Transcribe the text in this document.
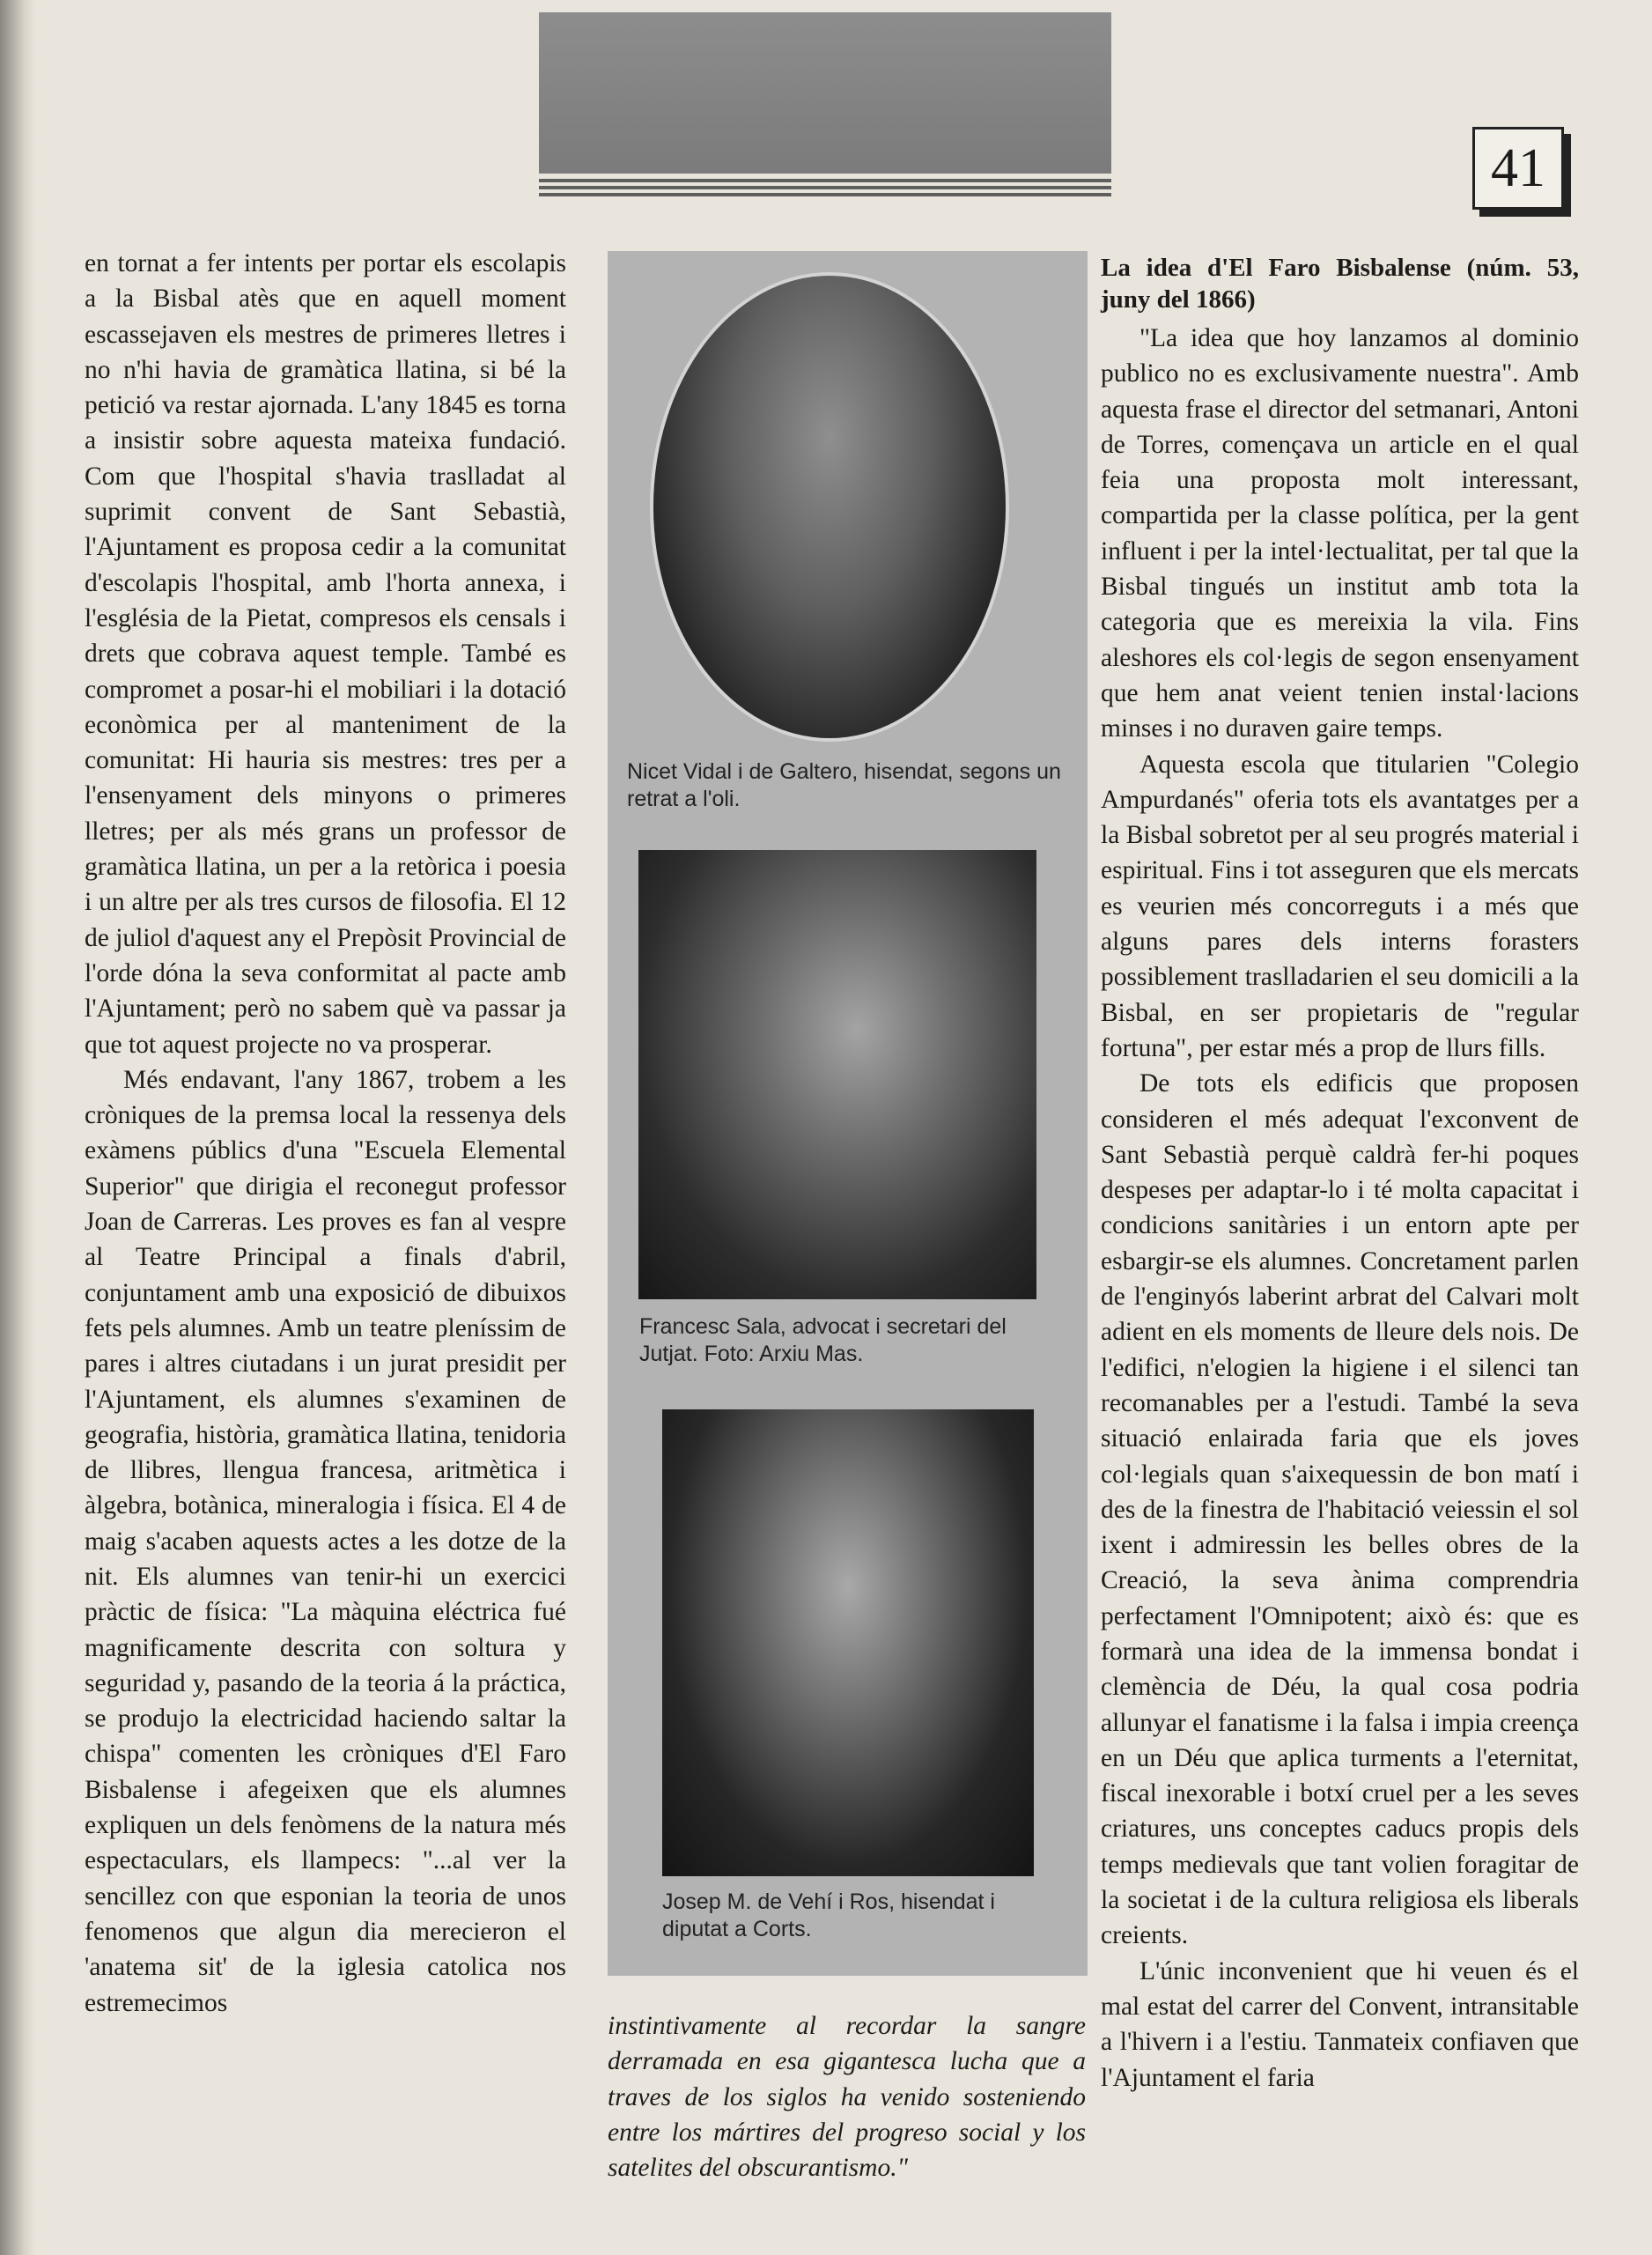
41

en tornat a fer intents per portar els escolapis a la Bisbal atès que en aquell moment escassejaven els mestres de primeres lletres i no n'hi havia de gramàtica llatina, si bé la petició va restar ajornada. L'any 1845 es torna a insistir sobre aquesta mateixa fundació. Com que l'hospital s'havia traslladat al suprimit convent de Sant Sebastià, l'Ajuntament es proposa cedir a la comunitat d'escolapis l'hospital, amb l'horta annexa, i l'església de la Pietat, compresos els censals i drets que cobrava aquest temple. També es compromet a posar-hi el mobiliari i la dotació econòmica per al manteniment de la comunitat: Hi hauria sis mestres: tres per a l'ensenyament dels minyons o primeres lletres; per als més grans un professor de gramàtica llatina, un per a la retòrica i poesia i un altre per als tres cursos de filosofia. El 12 de juliol d'aquest any el Prepòsit Provincial de l'orde dóna la seva conformitat al pacte amb l'Ajuntament; però no sabem què va passar ja que tot aquest projecte no va prosperar.

Més endavant, l'any 1867, trobem a les cròniques de la premsa local la ressenya dels exàmens públics d'una "Escuela Elemental Superior" que dirigia el reconegut professor Joan de Carreras. Les proves es fan al vespre al Teatre Principal a finals d'abril, conjuntament amb una exposició de dibuixos fets pels alumnes. Amb un teatre pleníssim de pares i altres ciutadans i un jurat presidit per l'Ajuntament, els alumnes s'examinen de geografia, història, gramàtica llatina, tenidoria de llibres, llengua francesa, aritmètica i àlgebra, botànica, mineralogia i física. El 4 de maig s'acaben aquests actes a les dotze de la nit. Els alumnes van tenir-hi un exercici pràctic de física: "La màquina eléctrica fué magnificamente descrita con soltura y seguridad y, pasando de la teoria á la práctica, se produjo la electricidad haciendo saltar la chispa" comenten les cròniques d'El Faro Bisbalense i afegeixen que els alumnes expliquen un dels fenòmens de la natura més espectaculars, els llampecs: "...al ver la sencillez con que esponian la teoria de unos fenomenos que algun dia merecieron el 'anatema sit' de la iglesia catolica nos estremecimos

Nicet Vidal i de Galtero, hisendat, segons un retrat a l'oli.
Francesc Sala, advocat i secretari del Jutjat. Foto: Arxiu Mas.
Josep M. de Vehí i Ros, hisendat i diputat a Corts.
instintivamente al recordar la sangre derramada en esa gigantesca lucha que a traves de los siglos ha venido sosteniendo entre los mártires del progreso social y los satelites del obscurantismo."

La idea d'El Faro Bisbalense (núm. 53, juny del 1866)

"La idea que hoy lanzamos al dominio publico no es exclusivamente nuestra". Amb aquesta frase el director del setmanari, Antoni de Torres, començava un article en el qual feia una proposta molt interessant, compartida per la classe política, per la gent influent i per la intel·lectualitat, per tal que la Bisbal tingués un institut amb tota la categoria que es mereixia la vila. Fins aleshores els col·legis de segon ensenyament que hem anat veient tenien instal·lacions minses i no duraven gaire temps.

Aquesta escola que titularien "Colegio Ampurdanés" oferia tots els avantatges per a la Bisbal sobretot per al seu progrés material i espiritual. Fins i tot asseguren que els mercats es veurien més concorreguts i a més que alguns pares dels interns forasters possiblement traslladarien el seu domicili a la Bisbal, en ser propietaris de "regular fortuna", per estar més a prop de llurs fills.

De tots els edificis que proposen consideren el més adequat l'exconvent de Sant Sebastià perquè caldrà fer-hi poques despeses per adaptar-lo i té molta capacitat i condicions sanitàries i un entorn apte per esbargir-se els alumnes. Concretament parlen de l'enginyós laberint arbrat del Calvari molt adient en els moments de lleure dels nois. De l'edifici, n'elogien la higiene i el silenci tan recomanables per a l'estudi. També la seva situació enlairada faria que els joves col·legials quan s'aixequessin de bon matí i des de la finestra de l'habitació veiessin el sol ixent i admiressin les belles obres de la Creació, la seva ànima comprendria perfectament l'Omnipotent; això és: que es formarà una idea de la immensa bondat i clemència de Déu, la qual cosa podria allunyar el fanatisme i la falsa i impia creença en un Déu que aplica turments a l'eternitat, fiscal inexorable i botxí cruel per a les seves criatures, uns conceptes caducs propis dels temps medievals que tant volien foragitar de la societat i de la cultura religiosa els liberals creients.

L'únic inconvenient que hi veuen és el mal estat del carrer del Convent, intransitable a l'hivern i a l'estiu. Tanmateix confiaven que l'Ajuntament el faria
